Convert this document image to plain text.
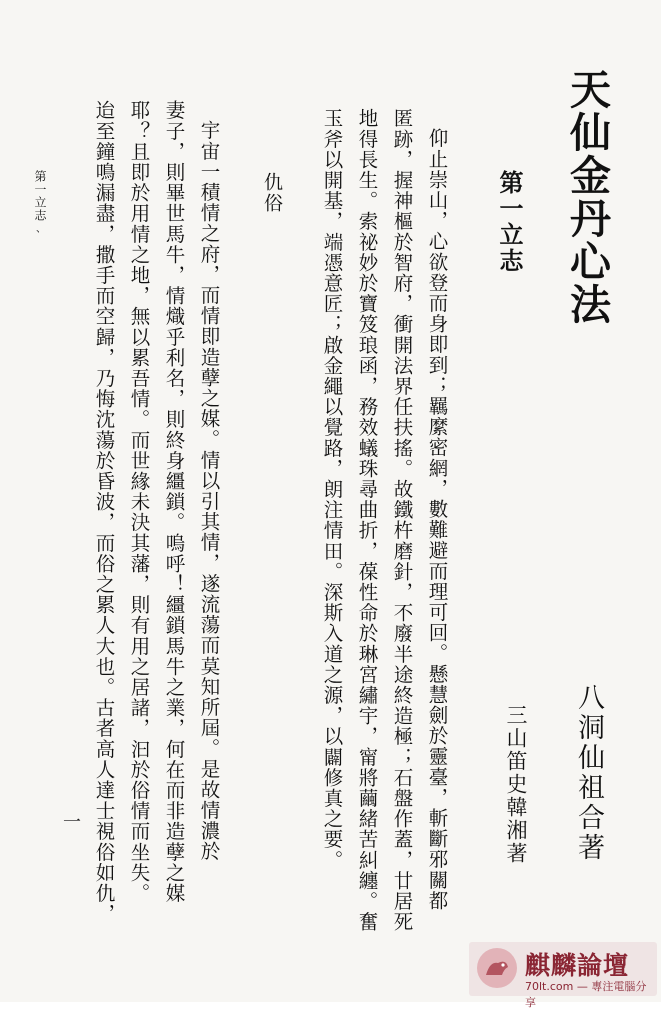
天仙金丹心法
第一立志
八洞仙祖合著
三山笛史韓湘著
仰止崇山，心欲登而身即到；羈縻密網，數難避而理可回。懸慧劍於靈臺，斬斷邪關都
匿跡，握神樞於智府，衝開法界任扶搖。故鐵杵磨針，不廢半途終造極；石盤作蓋，廿居死
地得長生。索祕妙於寶笈琅函，務效蟻珠尋曲折，葆性命於琳宮繡宇，甯將繭緒苦糾纏。奮
玉斧以開基，端憑意匠；啟金繩以覺路，朗注情田。深斯入道之源，以闢修真之要。
仇俗
宇宙一積情之府，而情即造孽之媒。情以引其情，遂流蕩而莫知所屆。是故情濃於
妻子，則畢世馬牛，情熾乎利名，則終身繮鎖。嗚呼！繮鎖馬牛之業，何在而非造孽之媒
耶？且即於用情之地，無以累吾情。而世緣未決其藩，則有用之居諸，汩於俗情而坐失。
迨至鐘鳴漏盡，撒手而空歸，乃悔沈蕩於昏波，而俗之累人大也。古者高人達士視俗如仇，
第一立志
、
一
麒麟論壇
70lt.com — 專注電腦分享
